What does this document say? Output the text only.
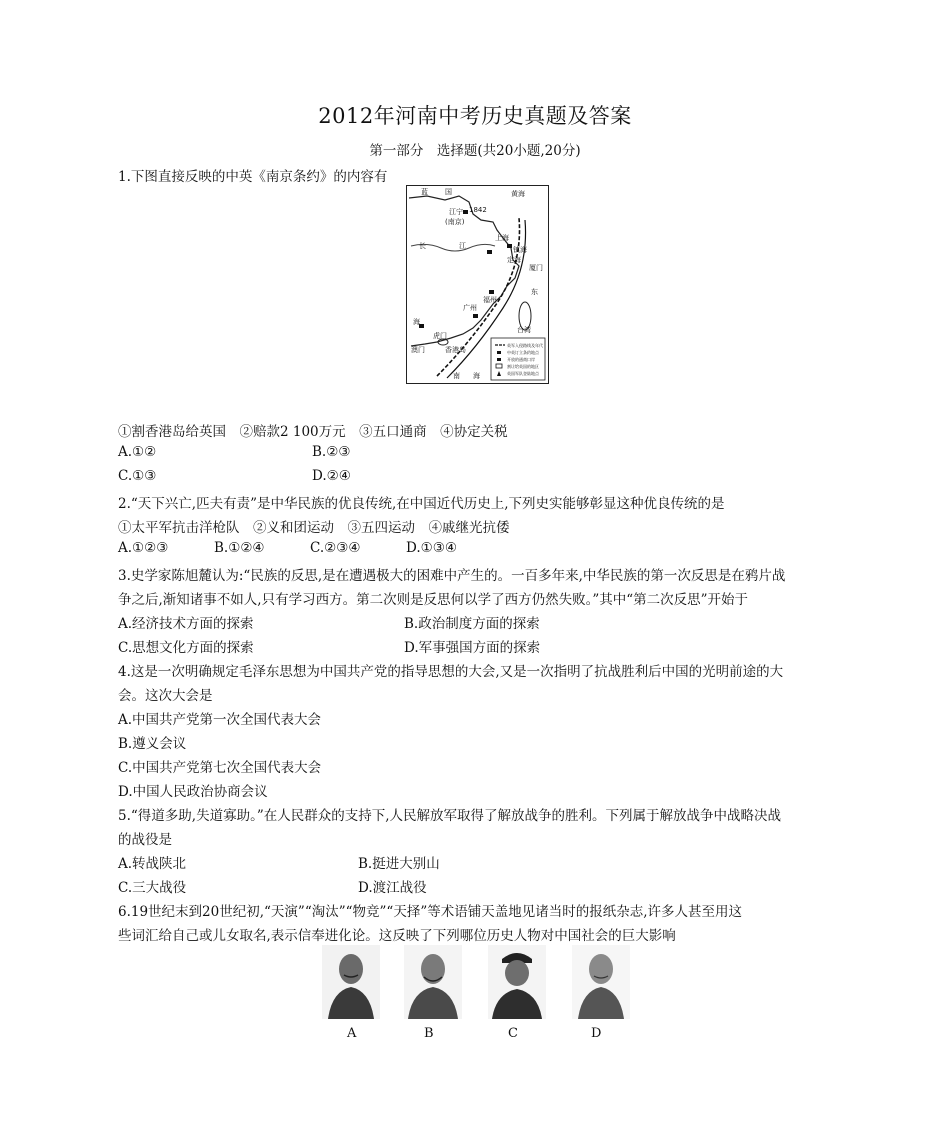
2012年河南中考历史真题及答案
第一部分　选择题(共20小题,20分)
1.下图直接反映的中英《南京条约》的内容有
蓝 国	黄海
江宁
(南京)
1842
长	江
上海
镇海
定海
福州
厦门
东
海
广州
虎门
香港岛
澳门
南 海
台湾
英军入侵路线及年代
中英订立条约地点
开放的通商口岸
割让给英国的地区
英国军队登陆地点
①割香港岛给英国　②赔款2 100万元　③五口通商　④协定关税
A.①②	B.②③
C.①③	D.②④
2.“天下兴亡,匹夫有责”是中华民族的优良传统,在中国近代历史上,下列史实能够彰显这种优良传统的是
①太平军抗击洋枪队　②义和团运动　③五四运动　④戚继光抗倭
A.①②③	B.①②④	C.②③④	D.①③④
3.史学家陈旭麓认为:“民族的反思,是在遭遇极大的困难中产生的。一百多年来,中华民族的第一次反思是在鸦片战
争之后,渐知诸事不如人,只有学习西方。第二次则是反思何以学了西方仍然失败。”其中“第二次反思”开始于
A.经济技术方面的探索	B.政治制度方面的探索
C.思想文化方面的探索	D.军事强国方面的探索
4.这是一次明确规定毛泽东思想为中国共产党的指导思想的大会,又是一次指明了抗战胜利后中国的光明前途的大
会。这次大会是
A.中国共产党第一次全国代表大会
B.遵义会议
C.中国共产党第七次全国代表大会
D.中国人民政治协商会议
5.“得道多助,失道寡助。”在人民群众的支持下,人民解放军取得了解放战争的胜利。下列属于解放战争中战略决战
的战役是
A.转战陕北	B.挺进大别山
C.三大战役	D.渡江战役
6.19世纪末到20世纪初,“天演”“淘汰”“物竞”“天择”等术语铺天盖地见诸当时的报纸杂志,许多人甚至用这
些词汇给自己或儿女取名,表示信奉进化论。这反映了下列哪位历史人物对中国社会的巨大影响
A	B	C	D
